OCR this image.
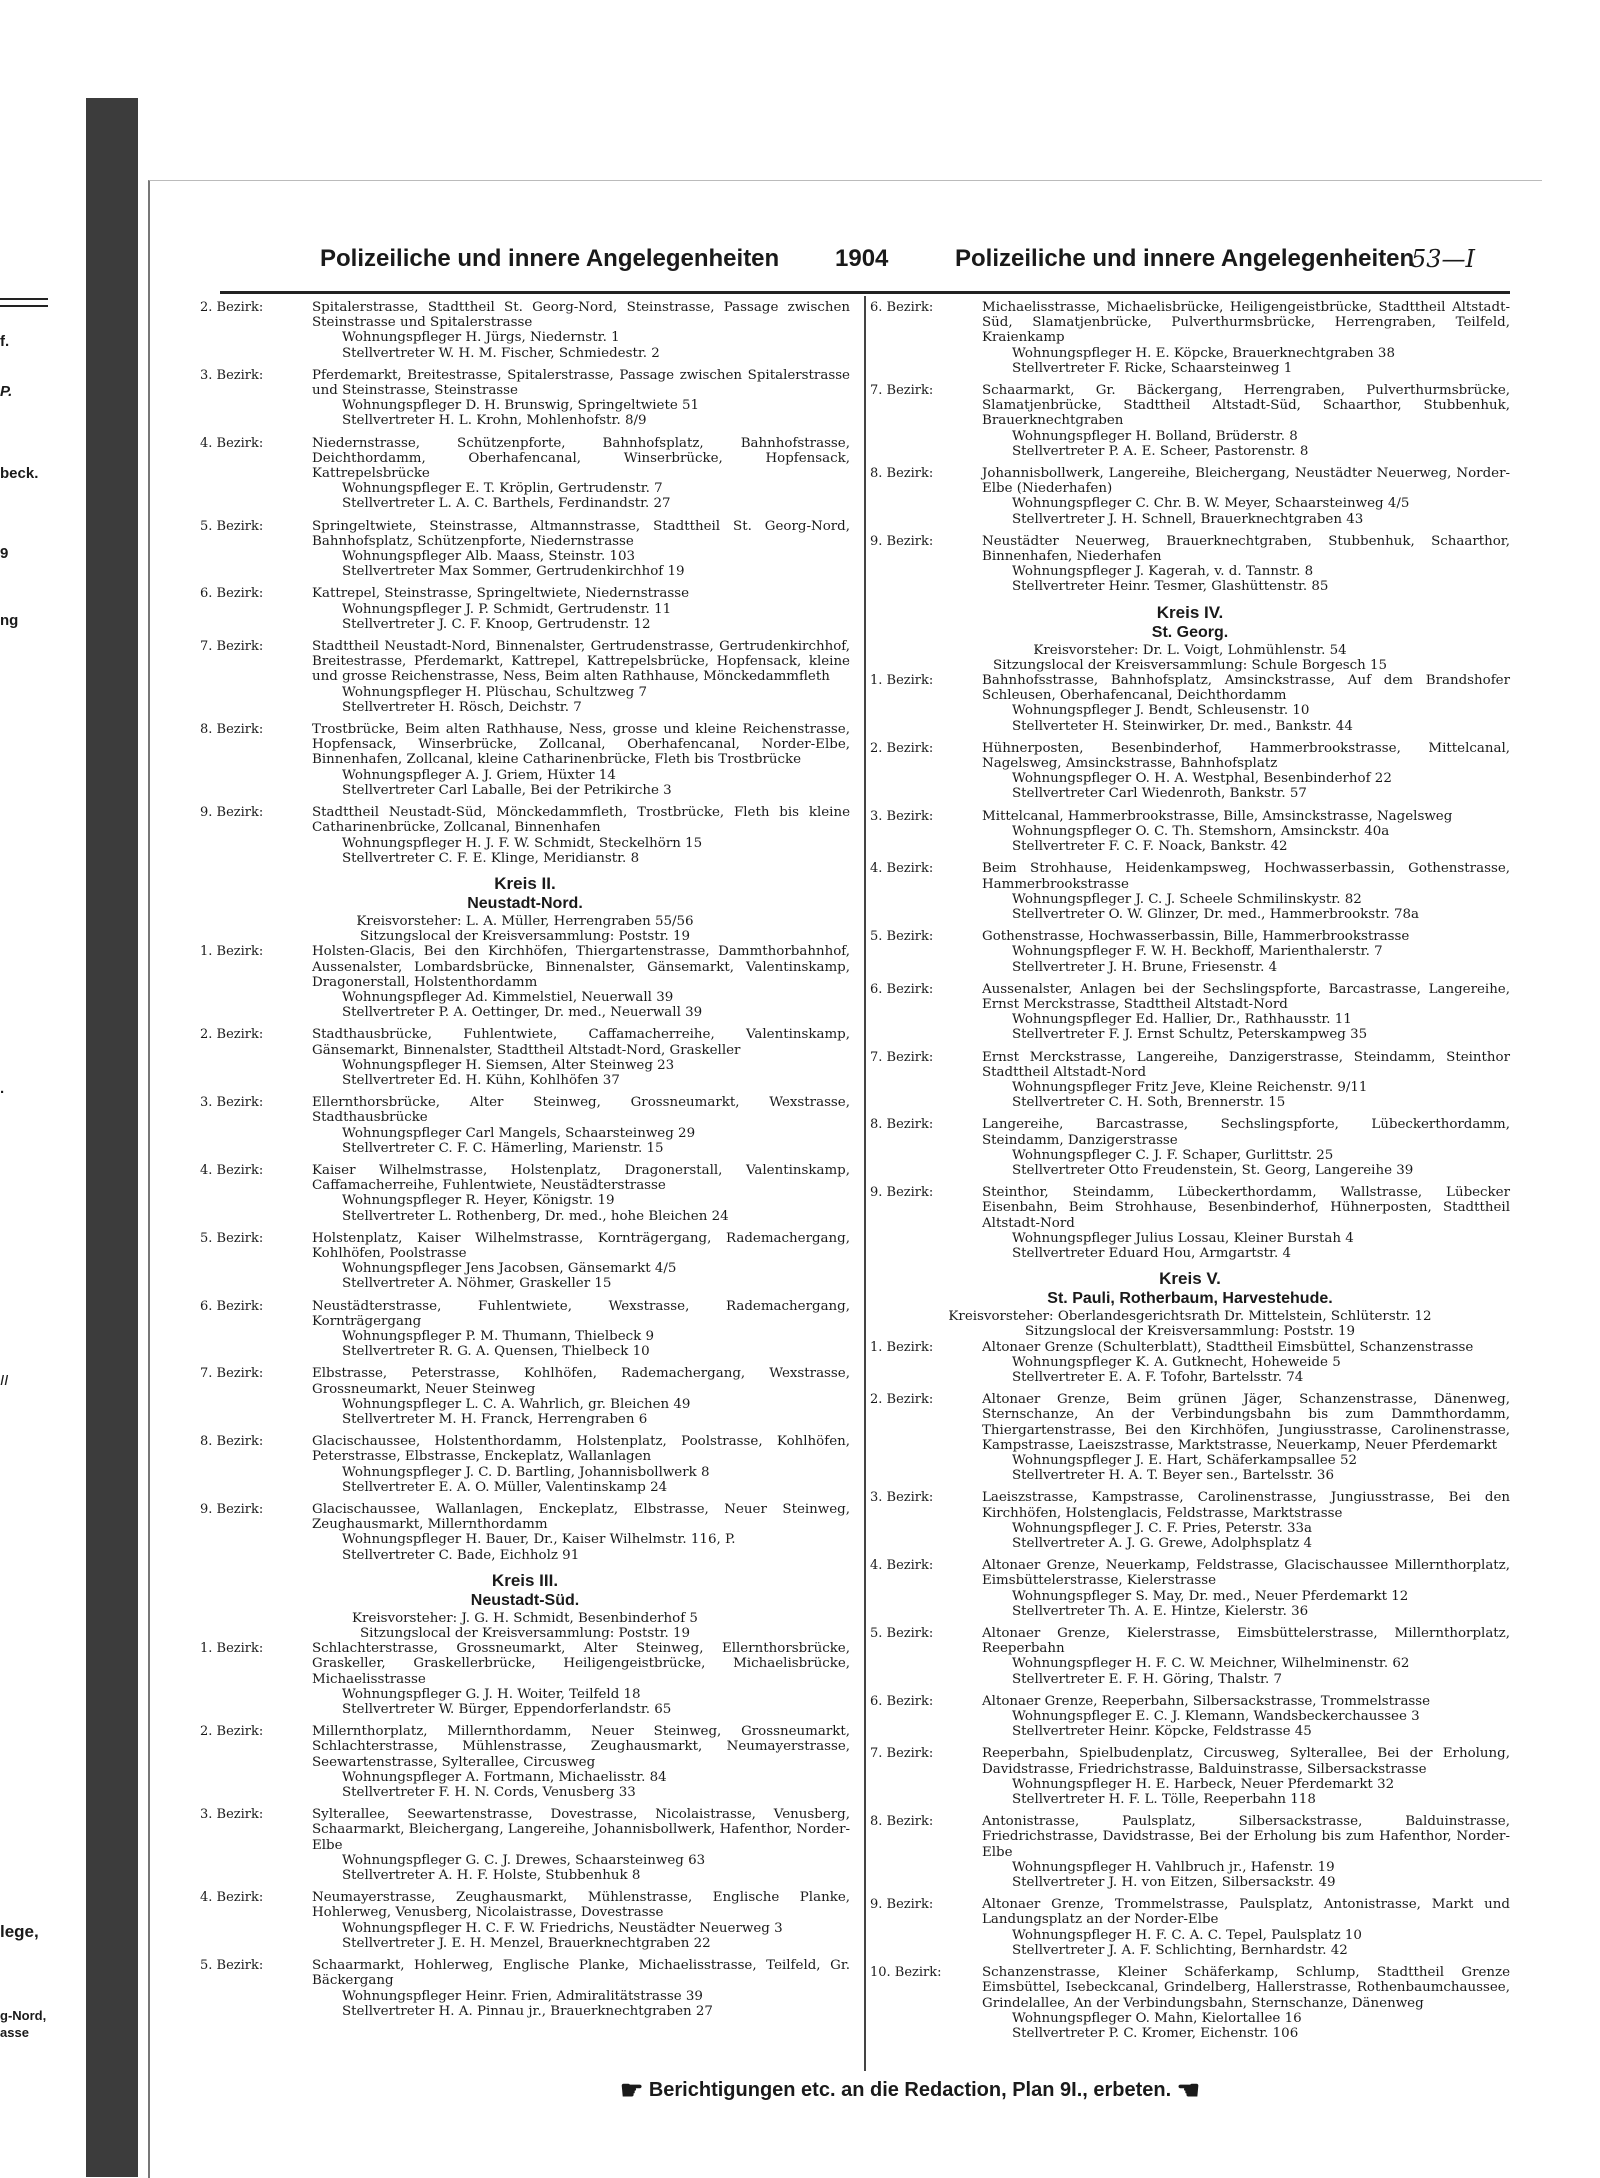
f.
P.
beck.
9
ng
.
II
lege,
g-Nord,
asse
Polizeiliche und innere Angelegenheiten 1904	Polizeiliche und innere Angelegenheiten
53—I
2. Bezirk:	Spitalerstrasse, Stadttheil St. Georg-Nord, Steinstrasse, Passage zwischen Steinstrasse und Spitalerstrasse
Wohnungspfleger H. Jürgs, Niedernstr. 1
Stellvertreter W. H. M. Fischer, Schmiedestr. 2
3. Bezirk:	Pferdemarkt, Breitestrasse, Spitalerstrasse, Passage zwischen Spitalerstrasse und Steinstrasse, Steinstrasse
Wohnungspfleger D. H. Brunswig, Springeltwiete 51
Stellvertreter H. L. Krohn, Mohlenhofstr. 8/9
4. Bezirk:	Niedernstrasse, Schützenpforte, Bahnhofsplatz, Bahnhofstrasse, Deichthordamm, Oberhafencanal, Winserbrücke, Hopfensack, Kattrepelsbrücke
Wohnungspfleger E. T. Kröplin, Gertrudenstr. 7
Stellvertreter L. A. C. Barthels, Ferdinandstr. 27
5. Bezirk:	Springeltwiete, Steinstrasse, Altmannstrasse, Stadttheil St. Georg-Nord, Bahnhofsplatz, Schützenpforte, Niedernstrasse
Wohnungspfleger Alb. Maass, Steinstr. 103
Stellvertreter Max Sommer, Gertrudenkirchhof 19
6. Bezirk:	Kattrepel, Steinstrasse, Springeltwiete, Niedernstrasse
Wohnungspfleger J. P. Schmidt, Gertrudenstr. 11
Stellvertreter J. C. F. Knoop, Gertrudenstr. 12
7. Bezirk:	Stadttheil Neustadt-Nord, Binnenalster, Gertrudenstrasse, Gertrudenkirchhof, Breitestrasse, Pferdemarkt, Kattrepel, Kattrepelsbrücke, Hopfensack, kleine und grosse Reichenstrasse, Ness, Beim alten Rathhause, Mönckedammfleth
Wohnungspfleger H. Plüschau, Schultzweg 7
Stellvertreter H. Rösch, Deichstr. 7
8. Bezirk:	Trostbrücke, Beim alten Rathhause, Ness, grosse und kleine Reichenstrasse, Hopfensack, Winserbrücke, Zollcanal, Oberhafencanal, Norder-Elbe, Binnenhafen, Zollcanal, kleine Catharinenbrücke, Fleth bis Trostbrücke
Wohnungspfleger A. J. Griem, Hüxter 14
Stellvertreter Carl Laballe, Bei der Petrikirche 3
9. Bezirk:	Stadttheil Neustadt-Süd, Mönckedammfleth, Trostbrücke, Fleth bis kleine Catharinenbrücke, Zollcanal, Binnenhafen
Wohnungspfleger H. J. F. W. Schmidt, Steckelhörn 15
Stellvertreter C. F. E. Klinge, Meridianstr. 8
Kreis II.
Neustadt-Nord.
Kreisvorsteher: L. A. Müller, Herrengraben 55/56
Sitzungslocal der Kreisversammlung: Poststr. 19
1. Bezirk:	Holsten-Glacis, Bei den Kirchhöfen, Thiergartenstrasse, Dammthorbahnhof, Aussenalster, Lombardsbrücke, Binnenalster, Gänsemarkt, Valentinskamp, Dragonerstall, Holstenthordamm
Wohnungspfleger Ad. Kimmelstiel, Neuerwall 39
Stellvertreter P. A. Oettinger, Dr. med., Neuerwall 39
2. Bezirk:	Stadthausbrücke, Fuhlentwiete, Caffamacherreihe, Valentinskamp, Gänsemarkt, Binnenalster, Stadttheil Altstadt-Nord, Graskeller
Wohnungspfleger H. Siemsen, Alter Steinweg 23
Stellvertreter Ed. H. Kühn, Kohlhöfen 37
3. Bezirk:	Ellernthorsbrücke, Alter Steinweg, Grossneumarkt, Wexstrasse, Stadthausbrücke
Wohnungspfleger Carl Mangels, Schaarsteinweg 29
Stellvertreter C. F. C. Hämerling, Marienstr. 15
4. Bezirk:	Kaiser Wilhelmstrasse, Holstenplatz, Dragonerstall, Valentinskamp, Caffamacherreihe, Fuhlentwiete, Neustädterstrasse
Wohnungspfleger R. Heyer, Königstr. 19
Stellvertreter L. Rothenberg, Dr. med., hohe Bleichen 24
5. Bezirk:	Holstenplatz, Kaiser Wilhelmstrasse, Kornträgergang, Rademachergang, Kohlhöfen, Poolstrasse
Wohnungspfleger Jens Jacobsen, Gänsemarkt 4/5
Stellvertreter A. Nöhmer, Graskeller 15
6. Bezirk:	Neustädterstrasse, Fuhlentwiete, Wexstrasse, Rademachergang, Kornträgergang
Wohnungspfleger P. M. Thumann, Thielbeck 9
Stellvertreter R. G. A. Quensen, Thielbeck 10
7. Bezirk:	Elbstrasse, Peterstrasse, Kohlhöfen, Rademachergang, Wexstrasse, Grossneumarkt, Neuer Steinweg
Wohnungspfleger L. C. A. Wahrlich, gr. Bleichen 49
Stellvertreter M. H. Franck, Herrengraben 6
8. Bezirk:	Glacischaussee, Holstenthordamm, Holstenplatz, Poolstrasse, Kohlhöfen, Peterstrasse, Elbstrasse, Enckeplatz, Wallanlagen
Wohnungspfleger J. C. D. Bartling, Johannisbollwerk 8
Stellvertreter E. A. O. Müller, Valentinskamp 24
9. Bezirk:	Glacischaussee, Wallanlagen, Enckeplatz, Elbstrasse, Neuer Steinweg, Zeughausmarkt, Millernthordamm
Wohnungspfleger H. Bauer, Dr., Kaiser Wilhelmstr. 116, P.
Stellvertreter C. Bade, Eichholz 91
Kreis III.
Neustadt-Süd.
Kreisvorsteher: J. G. H. Schmidt, Besenbinderhof 5
Sitzungslocal der Kreisversammlung: Poststr. 19
1. Bezirk:	Schlachterstrasse, Grossneumarkt, Alter Steinweg, Ellernthorsbrücke, Graskeller, Graskellerbrücke, Heiligengeistbrücke, Michaelisbrücke, Michaelisstrasse
Wohnungspfleger G. J. H. Woiter, Teilfeld 18
Stellvertreter W. Bürger, Eppendorferlandstr. 65
2. Bezirk:	Millernthorplatz, Millernthordamm, Neuer Steinweg, Grossneumarkt, Schlachterstrasse, Mühlenstrasse, Zeughausmarkt, Neumayerstrasse, Seewartenstrasse, Sylterallee, Circusweg
Wohnungspfleger A. Fortmann, Michaelisstr. 84
Stellvertreter F. H. N. Cords, Venusberg 33
3. Bezirk:	Sylterallee, Seewartenstrasse, Dovestrasse, Nicolaistrasse, Venusberg, Schaarmarkt, Bleichergang, Langereihe, Johannisbollwerk, Hafenthor, Norder-Elbe
Wohnungspfleger G. C. J. Drewes, Schaarsteinweg 63
Stellvertreter A. H. F. Holste, Stubbenhuk 8
4. Bezirk:	Neumayerstrasse, Zeughausmarkt, Mühlenstrasse, Englische Planke, Hohlerweg, Venusberg, Nicolaistrasse, Dovestrasse
Wohnungspfleger H. C. F. W. Friedrichs, Neustädter Neuerweg 3
Stellvertreter J. E. H. Menzel, Brauerknechtgraben 22
5. Bezirk:	Schaarmarkt, Hohlerweg, Englische Planke, Michaelisstrasse, Teilfeld, Gr. Bäckergang
Wohnungspfleger Heinr. Frien, Admiralitätstrasse 39
Stellvertreter H. A. Pinnau jr., Brauerknechtgraben 27
6. Bezirk:	Michaelisstrasse, Michaelisbrücke, Heiligengeistbrücke, Stadttheil Altstadt-Süd, Slamatjenbrücke, Pulverthurmsbrücke, Herrengraben, Teilfeld, Kraienkamp
Wohnungspfleger H. E. Köpcke, Brauerknechtgraben 38
Stellvertreter F. Ricke, Schaarsteinweg 1
7. Bezirk:	Schaarmarkt, Gr. Bäckergang, Herrengraben, Pulverthurmsbrücke, Slamatjenbrücke, Stadttheil Altstadt-Süd, Schaarthor, Stubbenhuk, Brauerknechtgraben
Wohnungspfleger H. Bolland, Brüderstr. 8
Stellvertreter P. A. E. Scheer, Pastorenstr. 8
8. Bezirk:	Johannisbollwerk, Langereihe, Bleichergang, Neustädter Neuerweg, Norder-Elbe (Niederhafen)
Wohnungspfleger C. Chr. B. W. Meyer, Schaarsteinweg 4/5
Stellvertreter J. H. Schnell, Brauerknechtgraben 43
9. Bezirk:	Neustädter Neuerweg, Brauerknechtgraben, Stubbenhuk, Schaarthor, Binnenhafen, Niederhafen
Wohnungspfleger J. Kagerah, v. d. Tannstr. 8
Stellvertreter Heinr. Tesmer, Glashüttenstr. 85
Kreis IV.
St. Georg.
Kreisvorsteher: Dr. L. Voigt, Lohmühlenstr. 54
Sitzungslocal der Kreisversammlung: Schule Borgesch 15
1. Bezirk:	Bahnhofsstrasse, Bahnhofsplatz, Amsinckstrasse, Auf dem Brandshofer Schleusen, Oberhafencanal, Deichthordamm
Wohnungspfleger J. Bendt, Schleusenstr. 10
Stellverteter H. Steinwirker, Dr. med., Bankstr. 44
2. Bezirk:	Hühnerposten, Besenbinderhof, Hammerbrookstrasse, Mittelcanal, Nagelsweg, Amsinckstrasse, Bahnhofsplatz
Wohnungspfleger O. H. A. Westphal, Besenbinderhof 22
Stellvertreter Carl Wiedenroth, Bankstr. 57
3. Bezirk:	Mittelcanal, Hammerbrookstrasse, Bille, Amsinckstrasse, Nagelsweg
Wohnungspfleger O. C. Th. Stemshorn, Amsinckstr. 40a
Stellvertreter F. C. F. Noack, Bankstr. 42
4. Bezirk:	Beim Strohhause, Heidenkampsweg, Hochwasserbassin, Gothenstrasse, Hammerbrookstrasse
Wohnungspfleger J. C. J. Scheele Schmilinskystr. 82
Stellvertreter O. W. Glinzer, Dr. med., Hammerbrookstr. 78a
5. Bezirk:	Gothenstrasse, Hochwasserbassin, Bille, Hammerbrookstrasse
Wohnungspfleger F. W. H. Beckhoff, Marienthalerstr. 7
Stellvertreter J. H. Brune, Friesenstr. 4
6. Bezirk:	Aussenalster, Anlagen bei der Sechslingspforte, Barcastrasse, Langereihe, Ernst Merckstrasse, Stadttheil Altstadt-Nord
Wohnungspfleger Ed. Hallier, Dr., Rathhausstr. 11
Stellvertreter F. J. Ernst Schultz, Peterskampweg 35
7. Bezirk:	Ernst Merckstrasse, Langereihe, Danzigerstrasse, Steindamm, Steinthor Stadttheil Altstadt-Nord
Wohnungspfleger Fritz Jeve, Kleine Reichenstr. 9/11
Stellvertreter C. H. Soth, Brennerstr. 15
8. Bezirk:	Langereihe, Barcastrasse, Sechslingspforte, Lübeckerthordamm, Steindamm, Danzigerstrasse
Wohnungspfleger C. J. F. Schaper, Gurlittstr. 25
Stellvertreter Otto Freudenstein, St. Georg, Langereihe 39
9. Bezirk:	Steinthor, Steindamm, Lübeckerthordamm, Wallstrasse, Lübecker Eisenbahn, Beim Strohhause, Besenbinderhof, Hühnerposten, Stadttheil Altstadt-Nord
Wohnungspfleger Julius Lossau, Kleiner Burstah 4
Stellvertreter Eduard Hou, Armgartstr. 4
Kreis V.
St. Pauli, Rotherbaum, Harvestehude.
Kreisvorsteher: Oberlandesgerichtsrath Dr. Mittelstein, Schlüterstr. 12
Sitzungslocal der Kreisversammlung: Poststr. 19
1. Bezirk:	Altonaer Grenze (Schulterblatt), Stadttheil Eimsbüttel, Schanzenstrasse
Wohnungspfleger K. A. Gutknecht, Hoheweide 5
Stellvertreter E. A. F. Tofohr, Bartelsstr. 74
2. Bezirk:	Altonaer Grenze, Beim grünen Jäger, Schanzenstrasse, Dänenweg, Sternschanze, An der Verbindungsbahn bis zum Dammthordamm, Thiergartenstrasse, Bei den Kirchhöfen, Jungiusstrasse, Carolinenstrasse, Kampstrasse, Laeiszstrasse, Marktstrasse, Neuerkamp, Neuer Pferdemarkt
Wohnungspfleger J. E. Hart, Schäferkampsallee 52
Stellvertreter H. A. T. Beyer sen., Bartelsstr. 36
3. Bezirk:	Laeiszstrasse, Kampstrasse, Carolinenstrasse, Jungiusstrasse, Bei den Kirchhöfen, Holstenglacis, Feldstrasse, Marktstrasse
Wohnungspfleger J. C. F. Pries, Peterstr. 33a
Stellvertreter A. J. G. Grewe, Adolphsplatz 4
4. Bezirk:	Altonaer Grenze, Neuerkamp, Feldstrasse, Glacischaussee Millernthorplatz, Eimsbüttelerstrasse, Kielerstrasse
Wohnungspfleger S. May, Dr. med., Neuer Pferdemarkt 12
Stellvertreter Th. A. E. Hintze, Kielerstr. 36
5. Bezirk:	Altonaer Grenze, Kielerstrasse, Eimsbüttelerstrasse, Millernthorplatz, Reeperbahn
Wohnungspfleger H. F. C. W. Meichner, Wilhelminenstr. 62
Stellvertreter E. F. H. Göring, Thalstr. 7
6. Bezirk:	Altonaer Grenze, Reeperbahn, Silbersackstrasse, Trommelstrasse
Wohnungspfleger E. C. J. Klemann, Wandsbeckerchaussee 3
Stellvertreter Heinr. Köpcke, Feldstrasse 45
7. Bezirk:	Reeperbahn, Spielbudenplatz, Circusweg, Sylterallee, Bei der Erholung, Davidstrasse, Friedrichstrasse, Balduinstrasse, Silbersackstrasse
Wohnungspfleger H. E. Harbeck, Neuer Pferdemarkt 32
Stellvertreter H. F. L. Tölle, Reeperbahn 118
8. Bezirk:	Antonistrasse, Paulsplatz, Silbersackstrasse, Balduinstrasse, Friedrichstrasse, Davidstrasse, Bei der Erholung bis zum Hafenthor, Norder-Elbe
Wohnungspfleger H. Vahlbruch jr., Hafenstr. 19
Stellvertreter J. H. von Eitzen, Silbersackstr. 49
9. Bezirk:	Altonaer Grenze, Trommelstrasse, Paulsplatz, Antonistrasse, Markt und Landungsplatz an der Norder-Elbe
Wohnungspfleger H. F. C. A. C. Tepel, Paulsplatz 10
Stellvertreter J. A. F. Schlichting, Bernhardstr. 42
10. Bezirk:	Schanzenstrasse, Kleiner Schäferkamp, Schlump, Stadttheil Grenze Eimsbüttel, Isebeckcanal, Grindelberg, Hallerstrasse, Rothenbaumchaussee, Grindelallee, An der Verbindungsbahn, Sternschanze, Dänenweg
Wohnungspfleger O. Mahn, Kielortallee 16
Stellvertreter P. C. Kromer, Eichenstr. 106
☛ Berichtigungen etc. an die Redaction, Plan 9I., erbeten. ☚
